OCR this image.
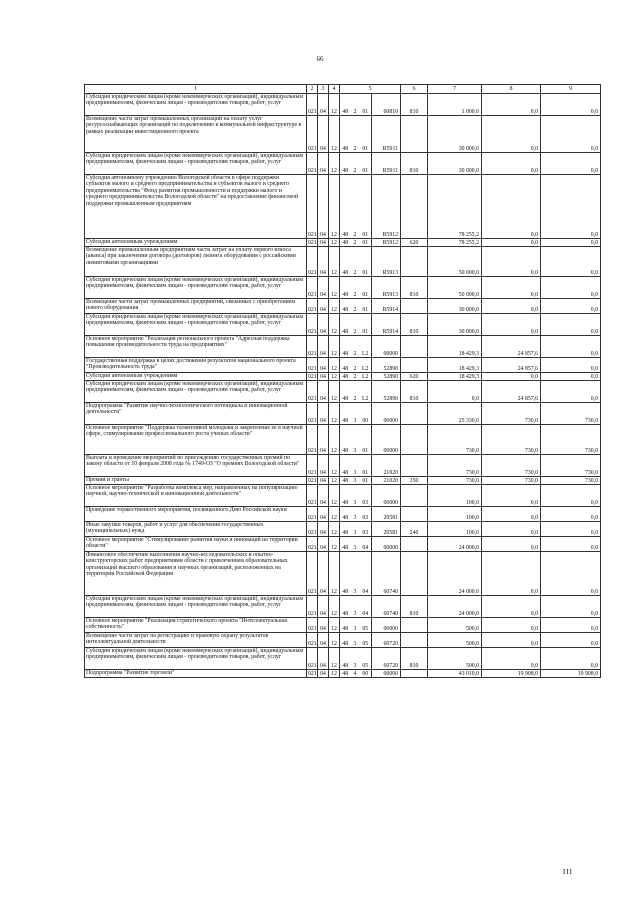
66
1	2	3	4	5				6	7	8	9
Субсидии юридическим лицам (кроме некоммерческих организаций), индивидуальным предпринимателям, физическим лицам - производителям товаров, работ, услуг	021	04	12	48	2	01	60810	810	1 000,0	0,0	0,0
Возмещение части затрат промышленных организаций на оплату услуг ресурсоснабжающих организаций по подключению к коммунальной инфраструктуре в рамках реализации инвестиционного проекта	021	04	12	48	2	01	R5911		30 000,0	0,0	0,0
Субсидии юридическим лицам (кроме некоммерческих организаций), индивидуальным предпринимателям, физическим лицам - производителям товаров, работ, услуг	021	04	12	48	2	01	R5911	810	30 000,0	0,0	0,0
Субсидия автономному учреждению Вологодской области в сфере поддержки субъектов малого и среднего предпринимательства и субъектов малого и среднего предпринимательства "Фонд развития промышленности и поддержки малого и среднего предпринимательства Вологодской области" на предоставление финансовой поддержки промышленным предприятиям	021	04	12	48	2	01	R5912		78 255,2	0,0	0,0
Субсидии автономным учреждениям	021	04	12	48	2	01	R5912	620	78 255,2	0,0	0,0
Возмещение промышленным предприятиям части затрат на уплату первого взноса (аванса) при заключении договора (договоров) лизинга оборудования с российскими лизинговыми организациями	021	04	12	48	2	01	R5913		50 000,0	0,0	0,0
Субсидии юридическим лицам (кроме некоммерческих организаций), индивидуальным предпринимателям, физическим лицам - производителям товаров, работ, услуг	021	04	12	48	2	01	R5913	810	50 000,0	0,0	0,0
Возмещение части затрат промышленных предприятий, связанных с приобретением нового оборудования	021	04	12	48	2	01	R5914		30 000,0	0,0	0,0
Субсидии юридическим лицам (кроме некоммерческих организаций), индивидуальным предпринимателям, физическим лицам - производителям товаров, работ, услуг	021	04	12	48	2	01	R5914	810	30 000,0	0,0	0,0
Основное мероприятие "Реализация регионального проекта "Адресная поддержка повышения производительности труда на предприятиях"	021	04	12	48	2	L2	00000		18 429,3	24 857,6	0,0
Государственная поддержка в целях достижения результатов национального проекта "Производительность труда"	021	04	12	48	2	L2	52890		18 429,3	24 857,6	0,0
Субсидии автономным учреждениям	021	04	12	48	2	L2	52890	620	18 429,3	0,0	0,0
Субсидии юридическим лицам (кроме некоммерческих организаций), индивидуальным предпринимателям, физическим лицам - производителям товаров, работ, услуг	021	04	12	48	2	L2	52890	810	0,0	24 857,6	0,0
Подпрограмма "Развитие научно-технологического потенциала и инновационной деятельности"	021	04	12	48	3	00	00000		25 330,0	730,0	730,0
Основное мероприятие "Поддержка талантливой молодежи и закрепление ее в научной сфере, стимулирование профессионального роста ученых области"	021	04	12	48	3	01	00000		730,0	730,0	730,0
Выплата и проведение мероприятий по присуждению государственных премий по закону области от 10 февраля 2008 года № 1749-ОЗ "О премиях Вологодской области"	021	04	12	48	3	01	21020		730,0	730,0	730,0
Премии и гранты	021	04	12	48	3	01	21020	350	730,0	730,0	730,0
Основное мероприятие "Разработка комплекса мер, направленных на популяризацию научной, научно-технической и инновационной деятельности"	021	04	12	48	3	03	00000		100,0	0,0	0,0
Проведение торжественного мероприятия, посвященного Дню Российской науки	021	04	12	48	3	03	20581		100,0	0,0	0,0
Иные закупки товаров, работ и услуг для обеспечения государственных (муниципальных) нужд	021	04	12	48	3	03	20581	240	100,0	0,0	0,0
Основное мероприятие "Стимулирование развития науки и инноваций на территории области"	021	04	12	48	3	04	00000		24 000,0	0,0	0,0
Финансовое обеспечение выполнения научно-исследовательских и опытно-конструкторских работ предприятиями области с привлечением образовательных организаций высшего образования и научных организаций, расположенных на территории Российской Федерации	021	04	12	48	3	04	60740		24 000,0	0,0	0,0
Субсидии юридическим лицам (кроме некоммерческих организаций), индивидуальным предпринимателям, физическим лицам - производителям товаров, работ, услуг	021	04	12	48	3	04	60740	810	24 000,0	0,0	0,0
Основное мероприятие "Реализация стратегического проекта "Интеллектуальная собственность"	021	04	12	48	3	05	00000		500,0	0,0	0,0
Возмещение части затрат на регистрацию и правовую охрану результатов интеллектуальной деятельности	021	04	12	48	3	05	60720		500,0	0,0	0,0
Субсидии юридическим лицам (кроме некоммерческих организаций), индивидуальным предпринимателям, физическим лицам - производителям товаров, работ, услуг	021	04	12	48	3	05	60720	810	500,0	0,0	0,0
Подпрограмма "Развитие торговли"	021	04	12	48	4	00	00000		43 010,0	19 908,0	19 908,0
III
